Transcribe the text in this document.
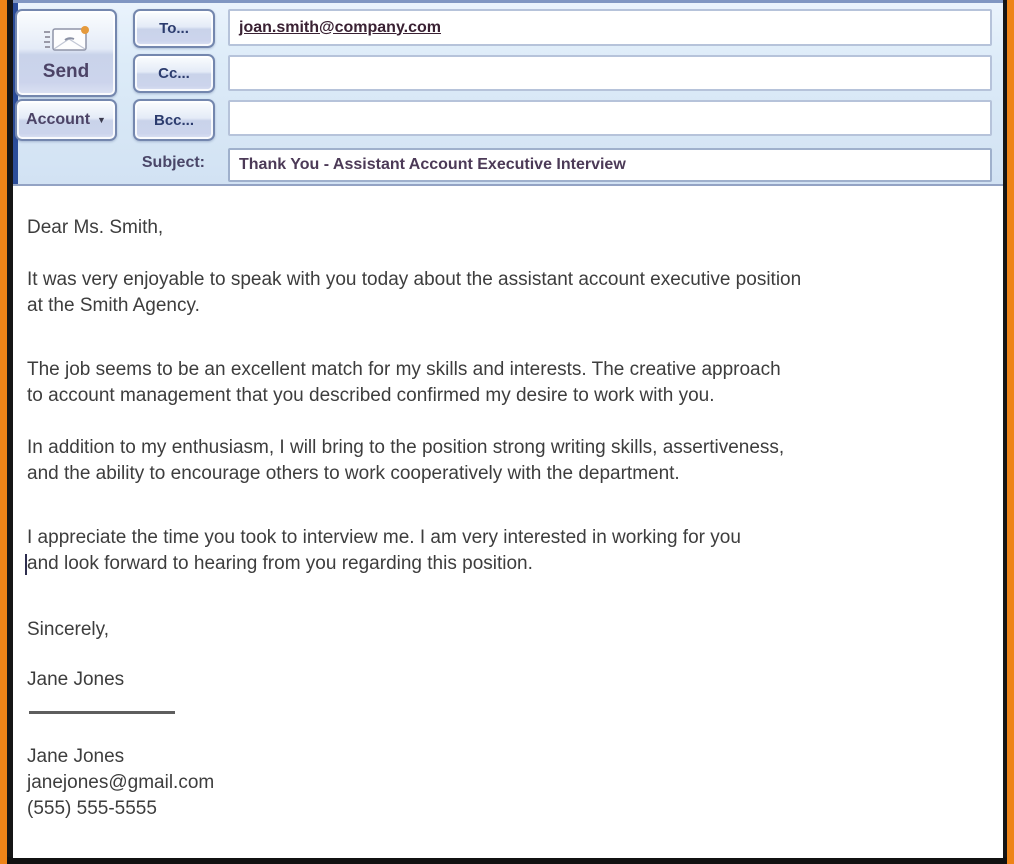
Send
Account ▼
To...
Cc...
Bcc...
joan.smith@company.com
Subject: Thank You - Assistant Account Executive Interview
Dear Ms. Smith,
It was very enjoyable to speak with you today about the assistant account executive position
at the Smith Agency.
The job seems to be an excellent match for my skills and interests. The creative approach
to account management that you described confirmed my desire to work with you.
In addition to my enthusiasm, I will bring to the position strong writing skills, assertiveness,
and the ability to encourage others to work cooperatively with the department.
I appreciate the time you took to interview me. I am very interested in working for you
and look forward to hearing from you regarding this position.
Sincerely,
Jane Jones
Jane Jones
janejones@gmail.com
(555) 555-5555
